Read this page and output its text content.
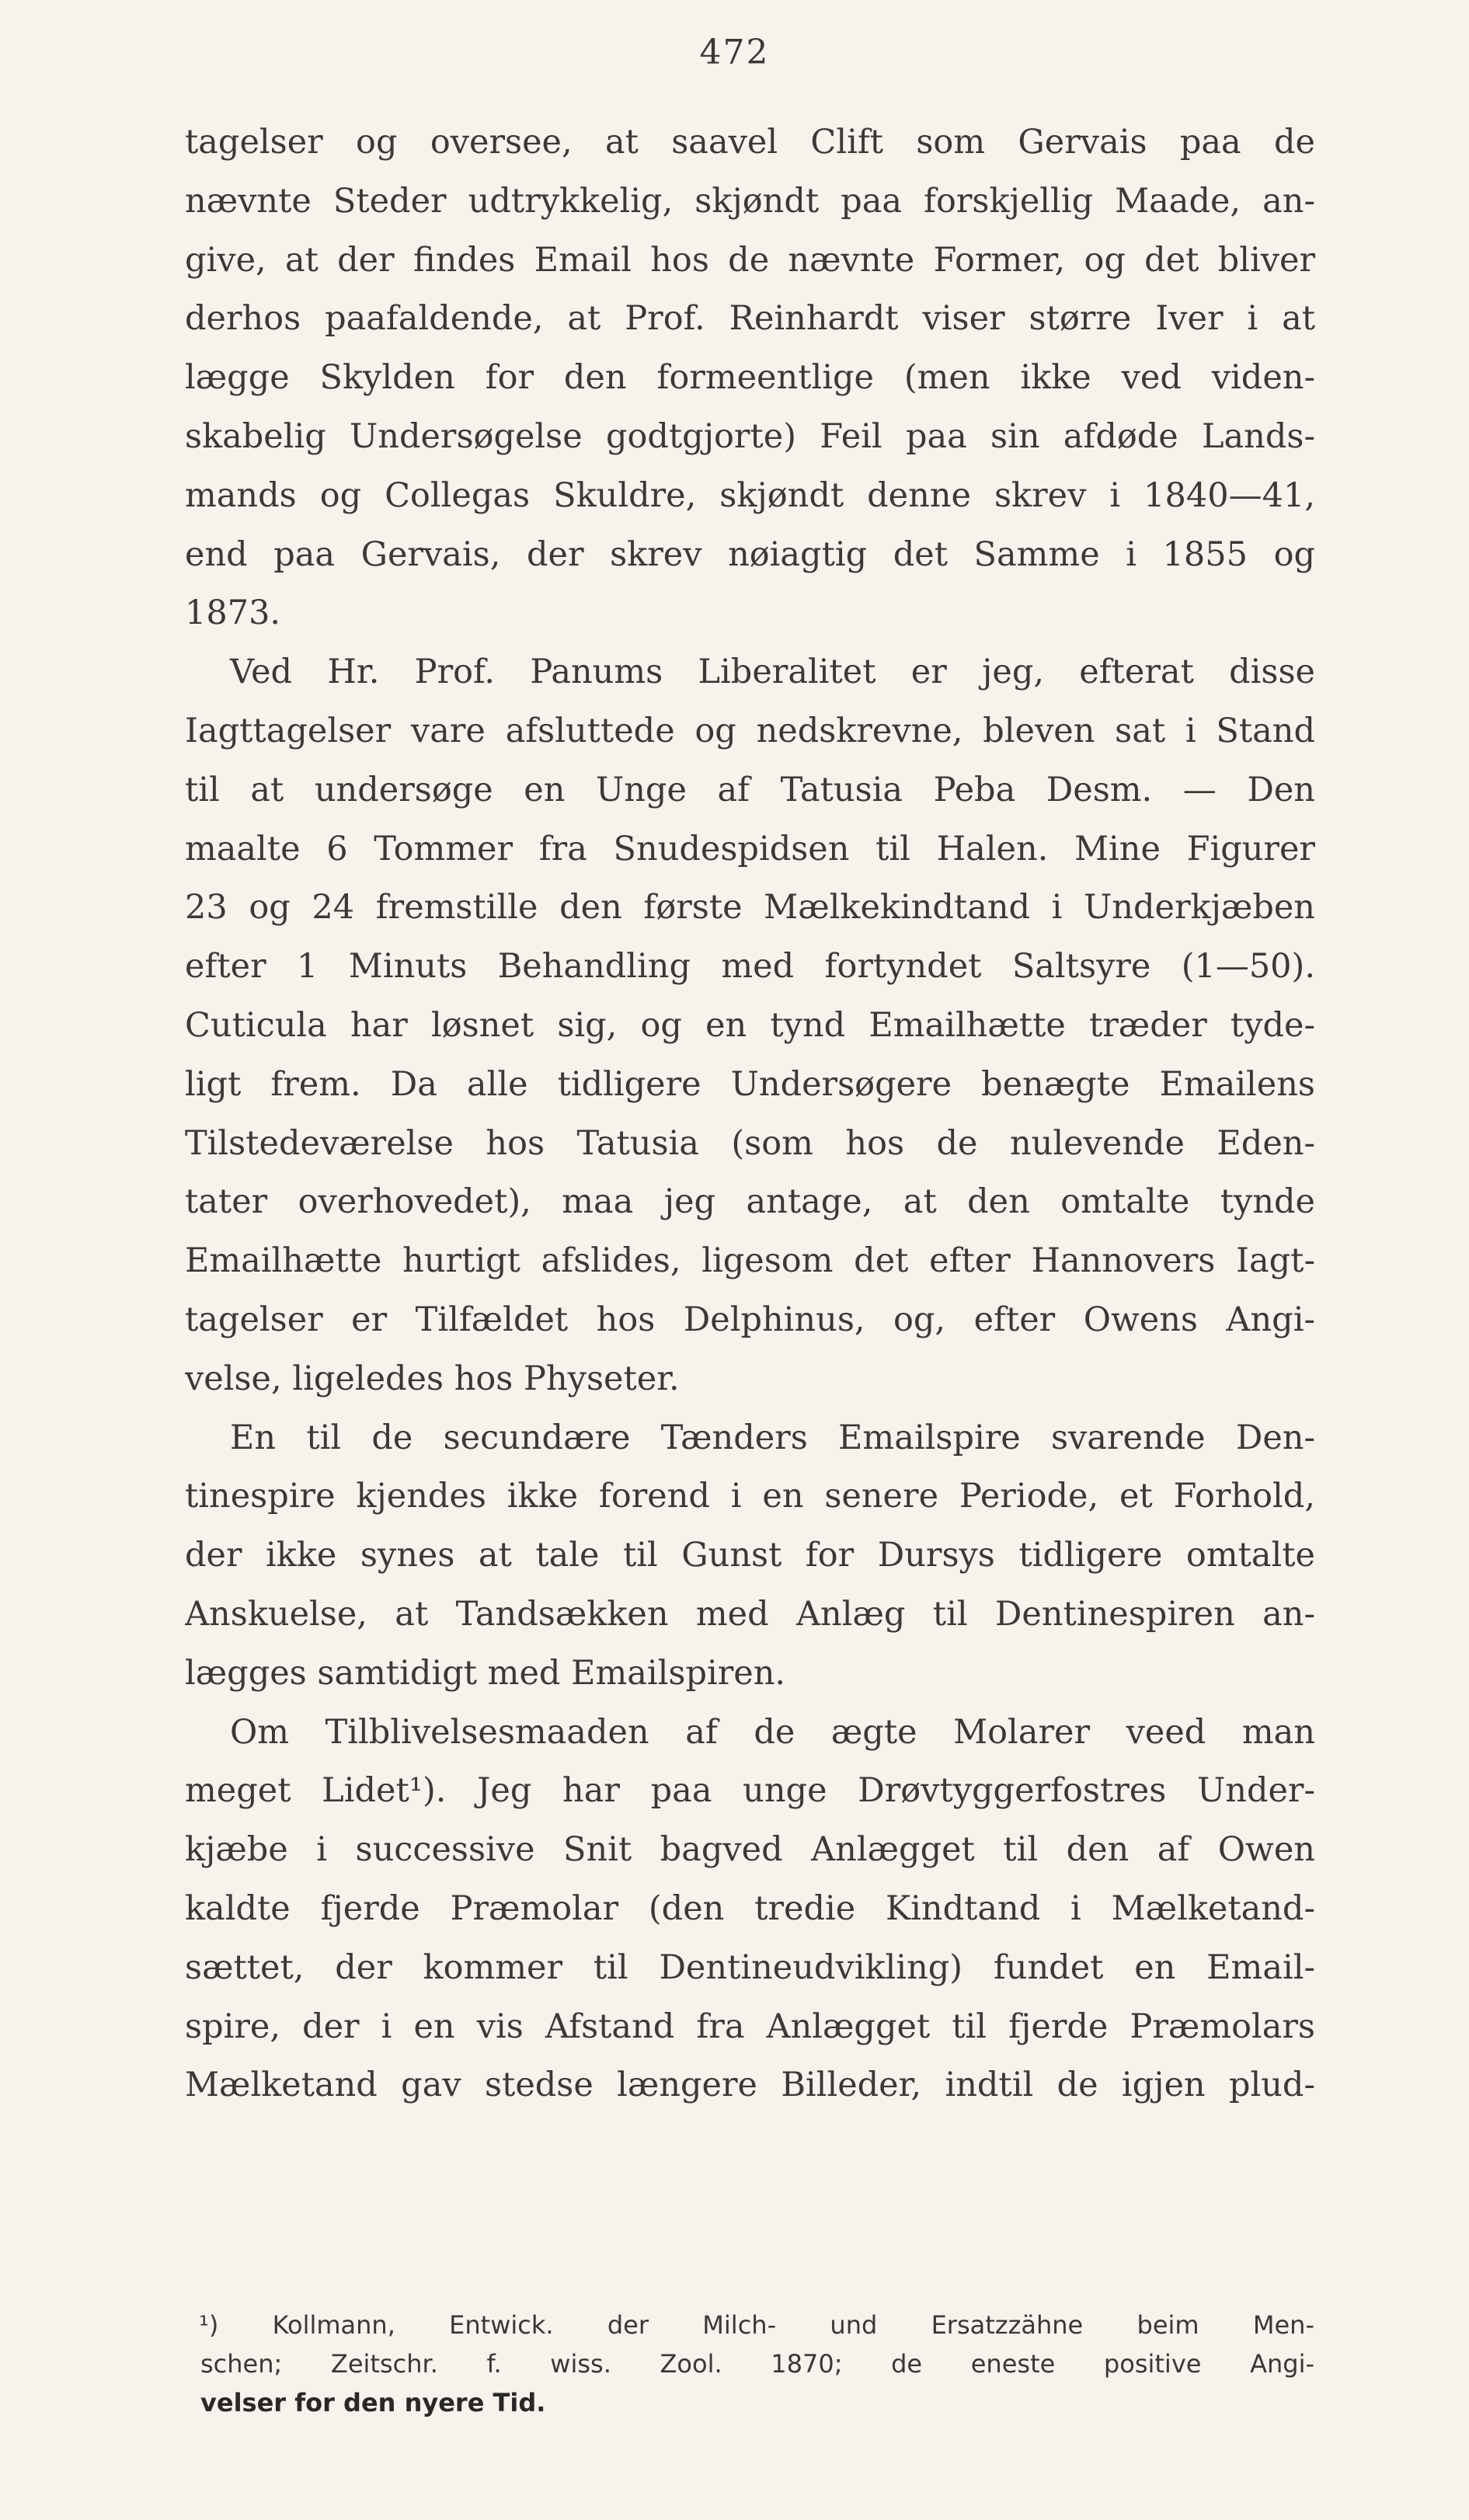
472
tagelser og oversee, at saavel Clift som Gervais paa de
nævnte Steder udtrykkelig, skjøndt paa forskjellig Maade, an-
give, at der findes Email hos de nævnte Former, og det bliver
derhos paafaldende, at Prof. Reinhardt viser større Iver i at
lægge Skylden for den formeentlige (men ikke ved viden-
skabelig Undersøgelse godtgjorte) Feil paa sin afdøde Lands-
mands og Collegas Skuldre, skjøndt denne skrev i 1840—41,
end paa Gervais, der skrev nøiagtig det Samme i 1855 og
1873.
Ved Hr. Prof. Panums Liberalitet er jeg, efterat disse
Iagttagelser vare afsluttede og nedskrevne, bleven sat i Stand
til at undersøge en Unge af Tatusia Peba Desm. — Den
maalte 6 Tommer fra Snudespidsen til Halen. Mine Figurer
23 og 24 fremstille den første Mælkekindtand i Underkjæben
efter 1 Minuts Behandling med fortyndet Saltsyre (1—50).
Cuticula har løsnet sig, og en tynd Emailhætte træder tyde-
ligt frem. Da alle tidligere Undersøgere benægte Emailens
Tilstedeværelse hos Tatusia (som hos de nulevende Eden-
tater overhovedet), maa jeg antage, at den omtalte tynde
Emailhætte hurtigt afslides, ligesom det efter Hannovers Iagt-
tagelser er Tilfældet hos Delphinus, og, efter Owens Angi-
velse, ligeledes hos Physeter.
En til de secundære Tænders Emailspire svarende Den-
tinespire kjendes ikke forend i en senere Periode, et Forhold,
der ikke synes at tale til Gunst for Dursys tidligere omtalte
Anskuelse, at Tandsækken med Anlæg til Dentinespiren an-
lægges samtidigt med Emailspiren.
Om Tilblivelsesmaaden af de ægte Molarer veed man
meget Lidet¹). Jeg har paa unge Drøvtyggerfostres Under-
kjæbe i successive Snit bagved Anlægget til den af Owen
kaldte fjerde Præmolar (den tredie Kindtand i Mælketand-
sættet, der kommer til Dentineudvikling) fundet en Email-
spire, der i en vis Afstand fra Anlægget til fjerde Præmolars
Mælketand gav stedse længere Billeder, indtil de igjen plud-
¹) Kollmann, Entwick. der Milch- und Ersatzzähne beim Men-
schen; Zeitschr. f. wiss. Zool. 1870; de eneste positive Angi-
velser for den nyere Tid.
